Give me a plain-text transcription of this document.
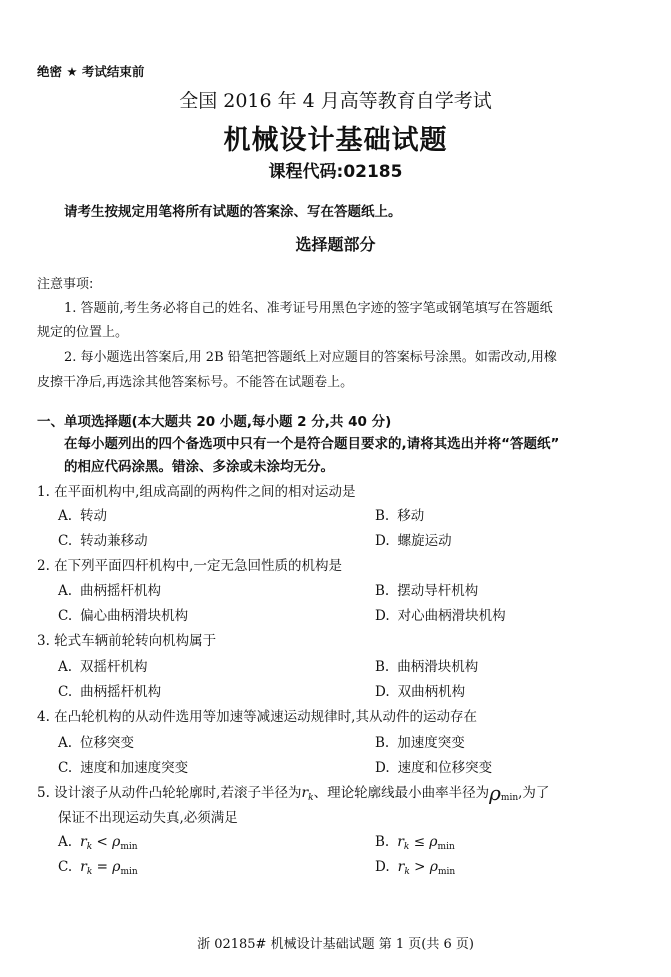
绝密 ★ 考试结束前
全国 2016 年 4 月高等教育自学考试
机械设计基础试题
课程代码:02185
请考生按规定用笔将所有试题的答案涂、写在答题纸上。
选择题部分
注意事项:
1. 答题前,考生务必将自己的姓名、准考证号用黑色字迹的签字笔或钢笔填写在答题纸
规定的位置上。
2. 每小题选出答案后,用 2B 铅笔把答题纸上对应题目的答案标号涂黑。如需改动,用橡
皮擦干净后,再选涂其他答案标号。不能答在试题卷上。
一、单项选择题(本大题共 20 小题,每小题 2 分,共 40 分)
在每小题列出的四个备选项中只有一个是符合题目要求的,请将其选出并将“答题纸”
的相应代码涂黑。错涂、多涂或未涂均无分。
1. 在平面机构中,组成高副的两构件之间的相对运动是
A. 转动	B. 移动
C. 转动兼移动	D. 螺旋运动
2. 在下列平面四杆机构中,一定无急回性质的机构是
A. 曲柄摇杆机构	B. 摆动导杆机构
C. 偏心曲柄滑块机构	D. 对心曲柄滑块机构
3. 轮式车辆前轮转向机构属于
A. 双摇杆机构	B. 曲柄滑块机构
C. 曲柄摇杆机构	D. 双曲柄机构
4. 在凸轮机构的从动件选用等加速等减速运动规律时,其从动件的运动存在
A. 位移突变	B. 加速度突变
C. 速度和加速度突变	D. 速度和位移突变
5. 设计滚子从动件凸轮轮廓时,若滚子半径为$r_k$、理论轮廓线最小曲率半径为$\rho_{min}$,为了
保证不出现运动失真,必须满足
A. $r_k < \rho_{min}$	B. $r_k \le \rho_{min}$
C. $r_k = \rho_{min}$	D. $r_k > \rho_{min}$
浙 02185# 机械设计基础试题 第 1 页(共 6 页)
